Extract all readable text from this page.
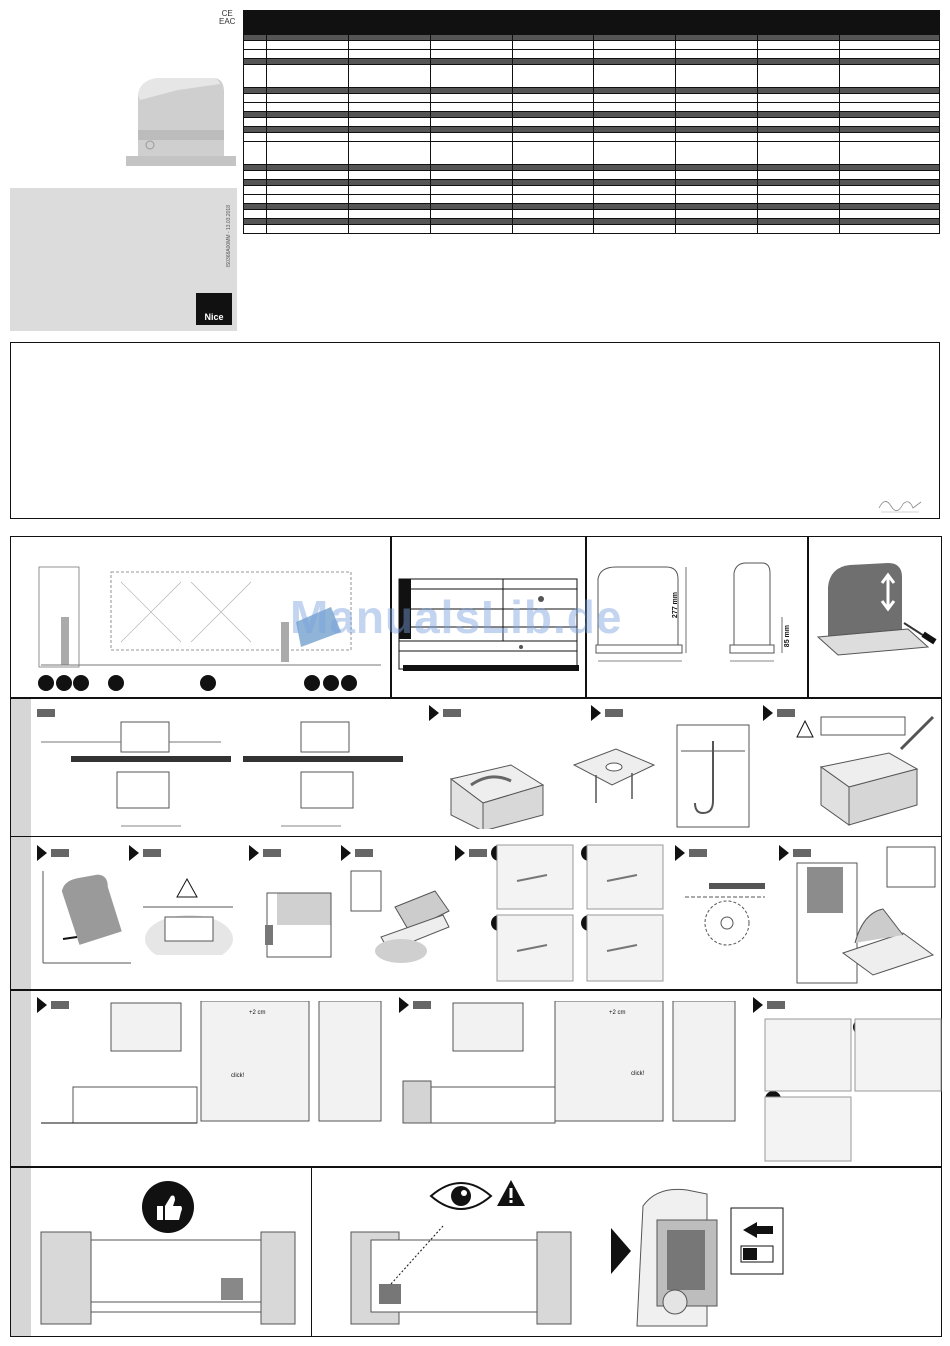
CE
EAC
IS0368A00MM - 13.03.2018
Nice

277 mm
85 mm
ManualsLib.de
+2 cm
click!
+2 cm
click!
